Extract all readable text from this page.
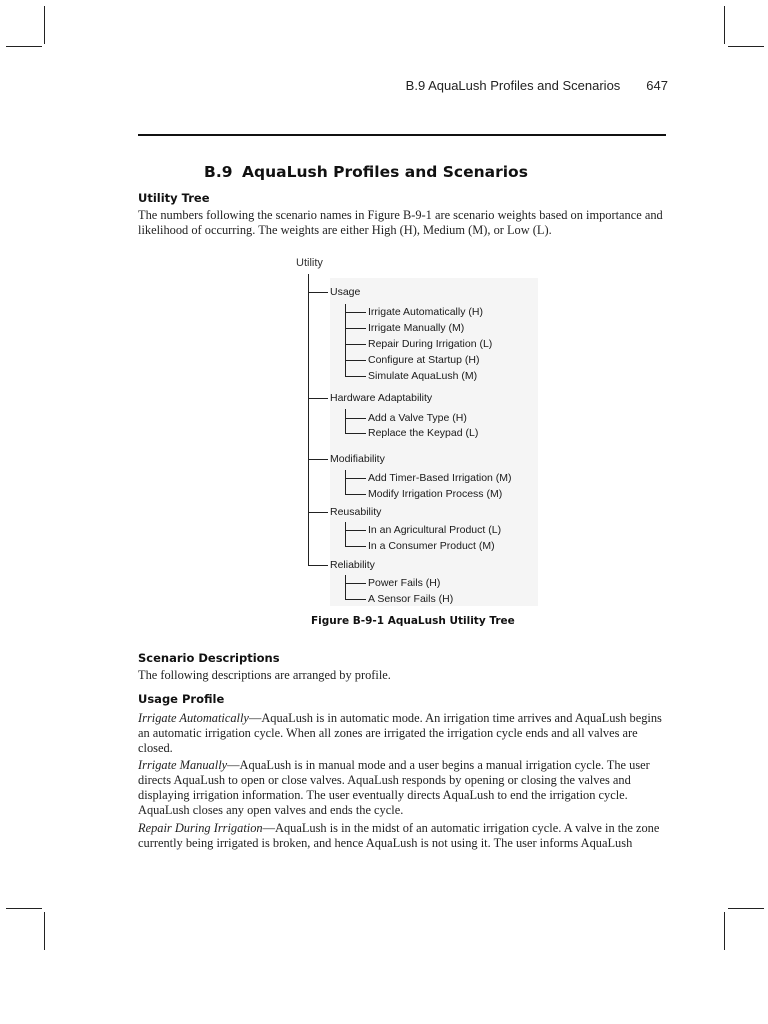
B.9 AquaLush Profiles and Scenarios 647
B.9 AquaLush Profiles and Scenarios
Utility Tree

The numbers following the scenario names in Figure B-9-1 are scenario weights based on importance and likelihood of occurring. The weights are either High (H), Medium (M), or Low (L).

Utility
Usage
Irrigate Automatically (H)
Irrigate Manually (M)
Repair During Irrigation (L)
Configure at Startup (H)
Simulate AquaLush (M)
Hardware Adaptability
Add a Valve Type (H)
Replace the Keypad (L)
Modifiability
Add Timer-Based Irrigation (M)
Modify Irrigation Process (M)
Reusability
In an Agricultural Product (L)
In a Consumer Product (M)
Reliability
Power Fails (H)
A Sensor Fails (H)

Figure B-9-1 AquaLush Utility Tree

Scenario Descriptions

The following descriptions are arranged by profile.

Usage Profile

Irrigate Automatically—AquaLush is in automatic mode. An irrigation time arrives and AquaLush begins an automatic irrigation cycle. When all zones are irrigated the irrigation cycle ends and all valves are closed.

Irrigate Manually—AquaLush is in manual mode and a user begins a manual irrigation cycle. The user directs AquaLush to open or close valves. AquaLush responds by opening or closing the valves and displaying irrigation information. The user eventually directs AquaLush to end the irrigation cycle. AquaLush closes any open valves and ends the cycle.

Repair During Irrigation—AquaLush is in the midst of an automatic irrigation cycle. A valve in the zone currently being irrigated is broken, and hence AquaLush is not using it. The user informs AquaLush
